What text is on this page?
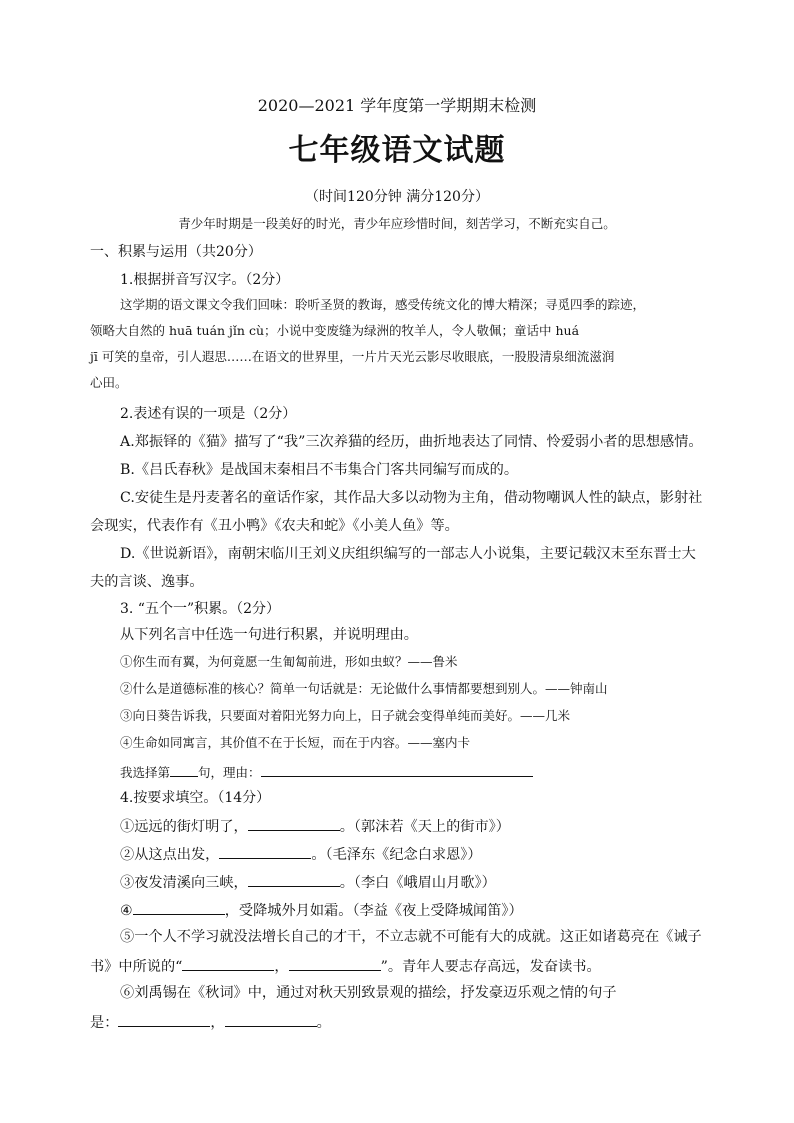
2020—2021 学年度第一学期期末检测
七年级语文试题
（时间120分钟 满分120分）
青少年时期是一段美好的时光，青少年应珍惜时间，刻苦学习，不断充实自己。
一、积累与运用（共20分）
1.根据拼音写汉字。（2分）
这学期的语文课文令我们回味：聆听圣贤的教诲，感受传统文化的博大精深；寻觅四季的踪迹，
领略大自然的 huā tuán jǐn cù；小说中变废缝为绿洲的牧羊人，令人敬佩；童话中 huá
jī 可笑的皇帝，引人遐思……在语文的世界里，一片片天光云影尽收眼底，一股股清泉细流滋润
心田。
2.表述有误的一项是（2分）
A.郑振铎的《猫》描写了“我”三次养猫的经历，曲折地表达了同情、怜爱弱小者的思想感情。
B.《吕氏春秋》是战国末秦相吕不韦集合门客共同编写而成的。
C.安徒生是丹麦著名的童话作家，其作品大多以动物为主角，借动物嘲讽人性的缺点，影射社
会现实，代表作有《丑小鸭》《农夫和蛇》《小美人鱼》等。
D.《世说新语》，南朝宋临川王刘义庆组织编写的一部志人小说集，主要记载汉末至东晋士大
夫的言谈、逸事。
3. “五个一”积累。（2分）
从下列名言中任选一句进行积累，并说明理由。
①你生而有翼，为何竟愿一生匍匐前进，形如虫蚁？——鲁米
②什么是道德标准的核心？简单一句话就是：无论做什么事情都要想到别人。——钟南山
③向日葵告诉我，只要面对着阳光努力向上，日子就会变得单纯而美好。——几米
④生命如同寓言，其价值不在于长短，而在于内容。——塞内卡
我选择第 句，理由：
4.按要求填空。（14分）
①远远的街灯明了，	。（郭沫若《天上的街市》）
②从这点出发，	。（毛泽东《纪念白求恩》）
③夜发清溪向三峡，	。（李白《峨眉山月歌》）
④	，受降城外月如霜。（李益《夜上受降城闻笛》）
⑤一个人不学习就没法增长自己的才干，不立志就不可能有大的成就。这正如诸葛亮在《诫子
书》中所说的“	，	”。青年人要志存高远，发奋读书。
⑥刘禹锡在《秋词》中，通过对秋天别致景观的描绘，抒发豪迈乐观之情的句子
是：	，	。
